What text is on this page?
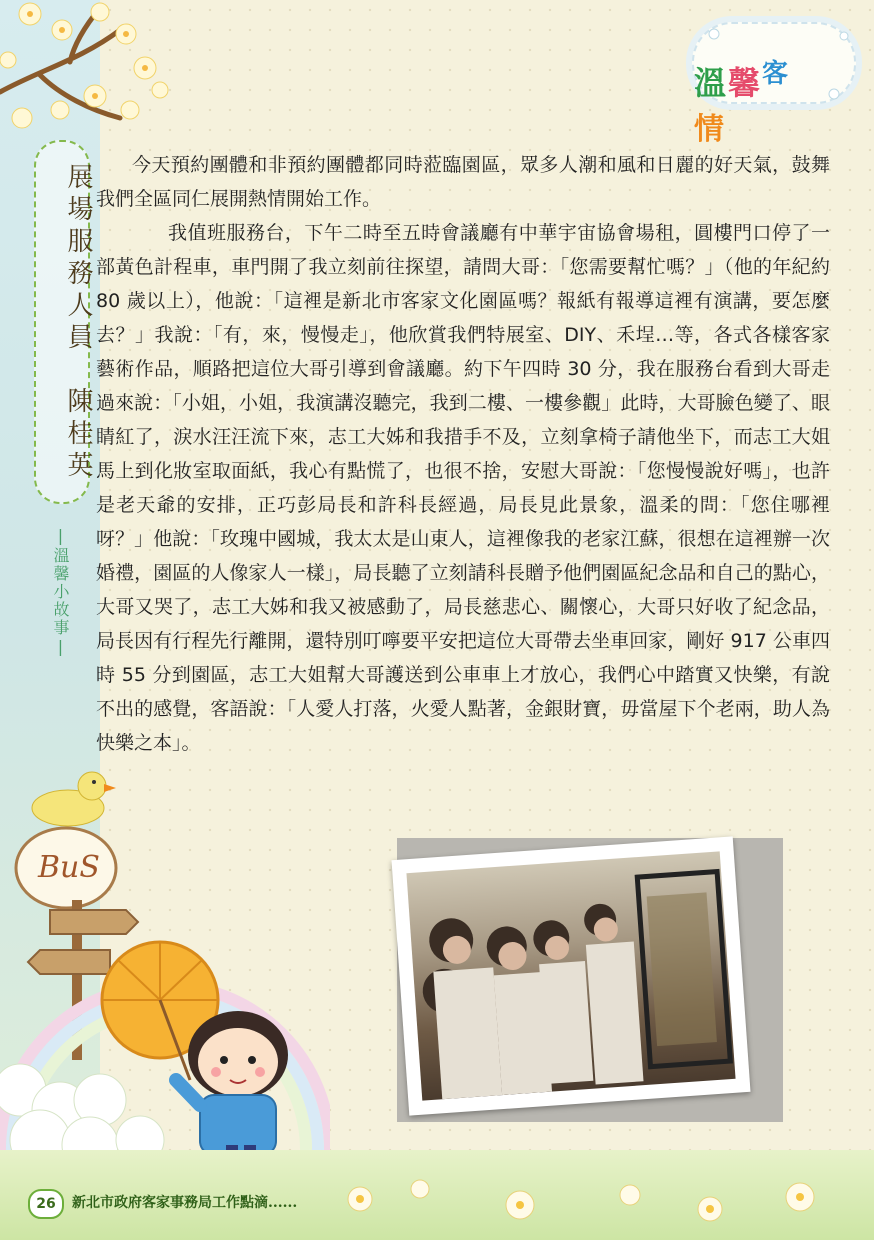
溫馨$^客$情
展場服務人員　陳桂英
|溫馨小故事|

今天預約團體和非預約團體都同時蒞臨園區，眾多人潮和風和日麗的好天氣，鼓舞我們全區同仁展開熱情開始工作。

我值班服務台，下午二時至五時會議廳有中華宇宙協會場租，圓樓門口停了一部黃色計程車，車門開了我立刻前往探望，請問大哥：「您需要幫忙嗎？」（他的年紀約 80 歲以上），他說：「這裡是新北市客家文化園區嗎？報紙有報導這裡有演講，要怎麼去？」我說：「有，來，慢慢走」，他欣賞我們特展室、DIY、禾埕…等，各式各樣客家藝術作品，順路把這位大哥引導到會議廳。約下午四時 30 分，我在服務台看到大哥走過來說：「小姐，小姐，我演講沒聽完，我到二樓、一樓參觀」此時，大哥臉色變了、眼睛紅了，淚水汪汪流下來，志工大姊和我措手不及，立刻拿椅子請他坐下，而志工大姐馬上到化妝室取面紙，我心有點慌了，也很不捨，安慰大哥說：「您慢慢說好嗎」，也許是老天爺的安排，正巧彭局長和許科長經過，局長見此景象，溫柔的問：「您住哪裡呀？」他說：「玫瑰中國城，我太太是山東人，這裡像我的老家江蘇，很想在這裡辦一次婚禮，園區的人像家人一樣」，局長聽了立刻請科長贈予他們園區紀念品和自己的點心，大哥又哭了，志工大姊和我又被感動了，局長慈悲心、關懷心，大哥只好收了紀念品，局長因有行程先行離開，還特別叮嚀要平安把這位大哥帶去坐車回家，剛好 917 公車四時 55 分到園區，志工大姐幫大哥護送到公車車上才放心，我們心中踏實又快樂，有說不出的感覺，客語說：「人愛人打落，火愛人點著，金銀財寶，毋當屋下个老兩，助人為快樂之本」。

BuS
26	新北市政府客家事務局工作點滴......
